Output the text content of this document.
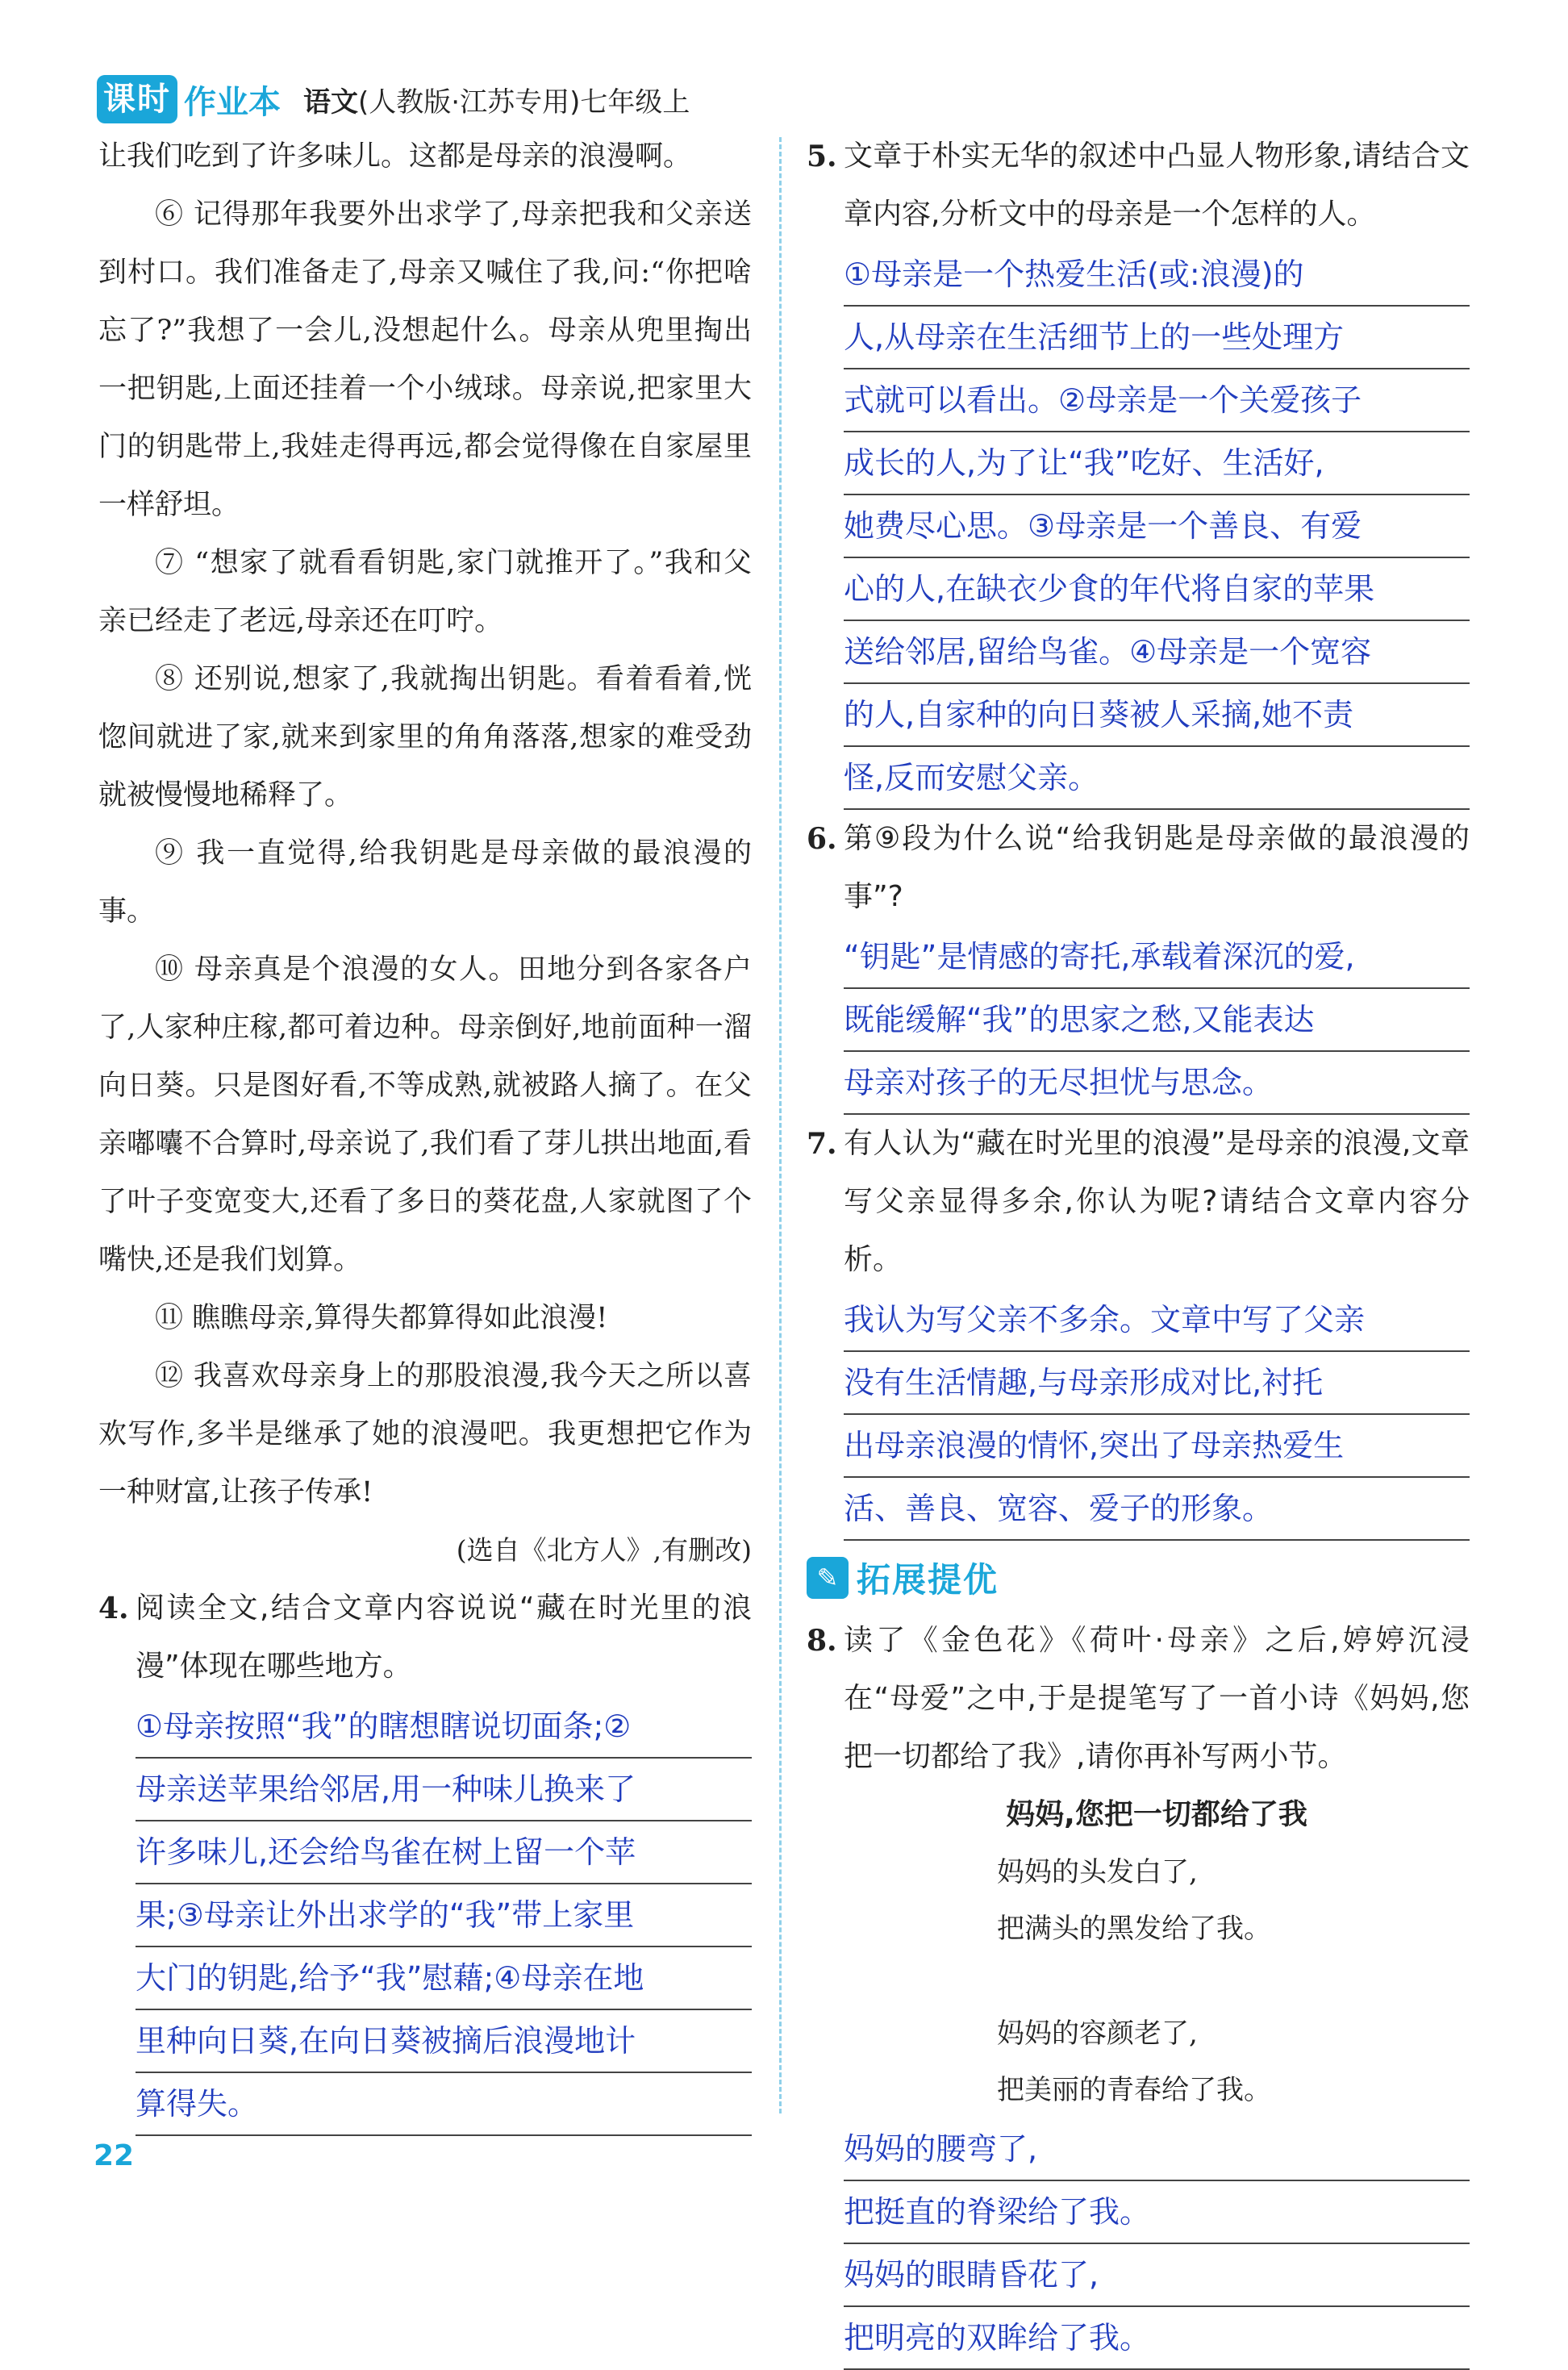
课时 作业本 语文(人教版·江苏专用)七年级上

让我们吃到了许多味儿。这都是母亲的浪漫啊。

⑥ 记得那年我要外出求学了,母亲把我和父亲送到村口。我们准备走了,母亲又喊住了我,问:“你把啥忘了?”我想了一会儿,没想起什么。母亲从兜里掏出一把钥匙,上面还挂着一个小绒球。母亲说,把家里大门的钥匙带上,我娃走得再远,都会觉得像在自家屋里一样舒坦。

⑦ “想家了就看看钥匙,家门就推开了。”我和父亲已经走了老远,母亲还在叮咛。

⑧ 还别说,想家了,我就掏出钥匙。看着看着,恍惚间就进了家,就来到家里的角角落落,想家的难受劲就被慢慢地稀释了。

⑨ 我一直觉得,给我钥匙是母亲做的最浪漫的事。

⑩ 母亲真是个浪漫的女人。田地分到各家各户了,人家种庄稼,都可着边种。母亲倒好,地前面种一溜向日葵。只是图好看,不等成熟,就被路人摘了。在父亲嘟囔不合算时,母亲说了,我们看了芽儿拱出地面,看了叶子变宽变大,还看了多日的葵花盘,人家就图了个嘴快,还是我们划算。

⑪ 瞧瞧母亲,算得失都算得如此浪漫!

⑫ 我喜欢母亲身上的那股浪漫,我今天之所以喜欢写作,多半是继承了她的浪漫吧。我更想把它作为一种财富,让孩子传承!

(选自《北方人》,有删改)

4. 阅读全文,结合文章内容说说“藏在时光里的浪漫”体现在哪些地方。
①母亲按照“我”的瞎想瞎说切面条;②
母亲送苹果给邻居,用一种味儿换来了
许多味儿,还会给鸟雀在树上留一个苹
果;③母亲让外出求学的“我”带上家里
大门的钥匙,给予“我”慰藉;④母亲在地
里种向日葵,在向日葵被摘后浪漫地计
算得失。
5. 文章于朴实无华的叙述中凸显人物形象,请结合文章内容,分析文中的母亲是一个怎样的人。
①母亲是一个热爱生活(或:浪漫)的
人,从母亲在生活细节上的一些处理方
式就可以看出。②母亲是一个关爱孩子
成长的人,为了让“我”吃好、生活好,
她费尽心思。③母亲是一个善良、有爱
心的人,在缺衣少食的年代将自家的苹果
送给邻居,留给鸟雀。④母亲是一个宽容
的人,自家种的向日葵被人采摘,她不责
怪,反而安慰父亲。
6. 第⑨段为什么说“给我钥匙是母亲做的最浪漫的事”?
“钥匙”是情感的寄托,承载着深沉的爱,
既能缓解“我”的思家之愁,又能表达
母亲对孩子的无尽担忧与思念。
7. 有人认为“藏在时光里的浪漫”是母亲的浪漫,文章写父亲显得多余,你认为呢?请结合文章内容分析。
我认为写父亲不多余。文章中写了父亲
没有生活情趣,与母亲形成对比,衬托
出母亲浪漫的情怀,突出了母亲热爱生
活、善良、宽容、爱子的形象。
✎ 拓展提优
8. 读了《金色花》《荷叶·母亲》之后,婷婷沉浸在“母爱”之中,于是提笔写了一首小诗《妈妈,您把一切都给了我》,请你再补写两小节。
妈妈,您把一切都给了我
妈妈的头发白了,
把满头的黑发给了我。
妈妈的容颜老了,
把美丽的青春给了我。
妈妈的腰弯了,
把挺直的脊梁给了我。
妈妈的眼睛昏花了,
把明亮的双眸给了我。
22
